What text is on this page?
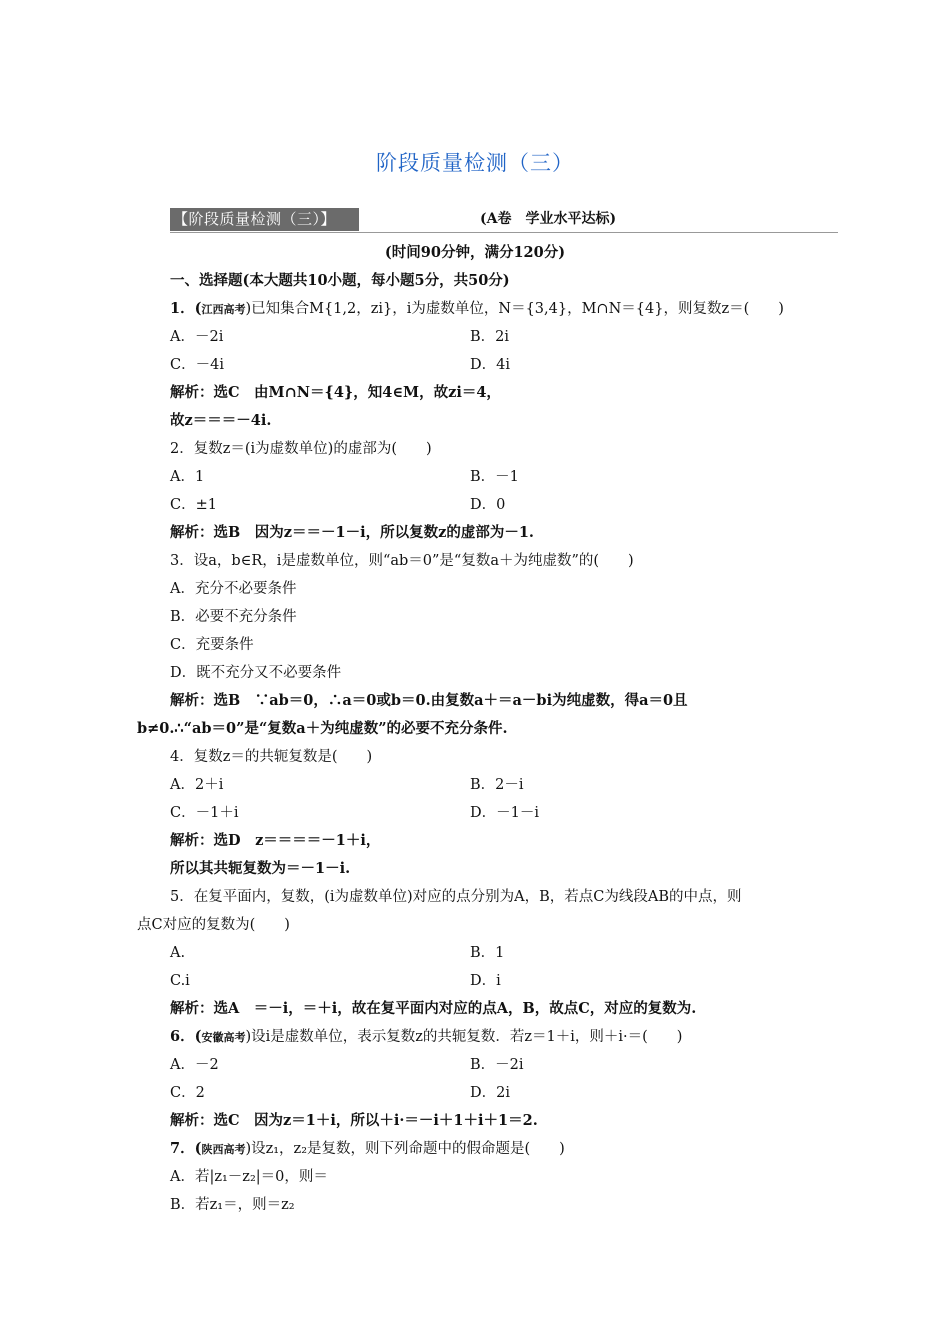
阶段质量检测（三）
【阶段质量检测（三）】	(A卷　学业水平达标)
(时间90分钟，满分120分)
一、选择题(本大题共10小题，每小题5分，共50分)
1．(江西高考)已知集合M{1,2，zi}，i为虚数单位，N＝{3,4}，M∩N＝{4}，则复数z＝(　　)
A．－2i	B．2i
C．－4i	D．4i
解析：选C　由M∩N＝{4}，知4∈M，故zi＝4，
故z＝＝＝－4i.
2．复数z＝(i为虚数单位)的虚部为(　　)
A．1	B．－1
C．±1	D．0
解析：选B　因为z＝＝－1－i，所以复数z的虚部为－1.
3．设a，b∈R，i是虚数单位，则“ab＝0”是“复数a＋为纯虚数”的(　　)
A．充分不必要条件
B．必要不充分条件
C．充要条件
D．既不充分又不必要条件
解析：选B　∵ab＝0，∴a＝0或b＝0.由复数a＋＝a－bi为纯虚数，得a＝0且
b≠0.∴“ab＝0”是“复数a＋为纯虚数”的必要不充分条件.
4．复数z＝的共轭复数是(　　)
A．2＋i	B．2－i
C．－1＋i	D．－1－i
解析：选D　z＝＝＝＝－1＋i，
所以其共轭复数为＝－1－i.
5．在复平面内，复数，(i为虚数单位)对应的点分别为A，B，若点C为线段AB的中点，则
点C对应的复数为(　　)
A.	B．1
C.i	D．i
解析：选A　＝－i，＝＋i，故在复平面内对应的点A，B，故点C，对应的复数为.
6．(安徽高考)设i是虚数单位，表示复数z的共轭复数．若z＝1＋i，则＋i·＝(　　)
A．－2	B．－2i
C．2	D．2i
解析：选C　因为z＝1＋i，所以＋i·＝－i＋1＋i＋1＝2.
7．(陕西高考)设z₁，z₂是复数，则下列命题中的假命题是(　　)
A．若|z₁－z₂|＝0，则＝
B．若z₁＝，则＝z₂
